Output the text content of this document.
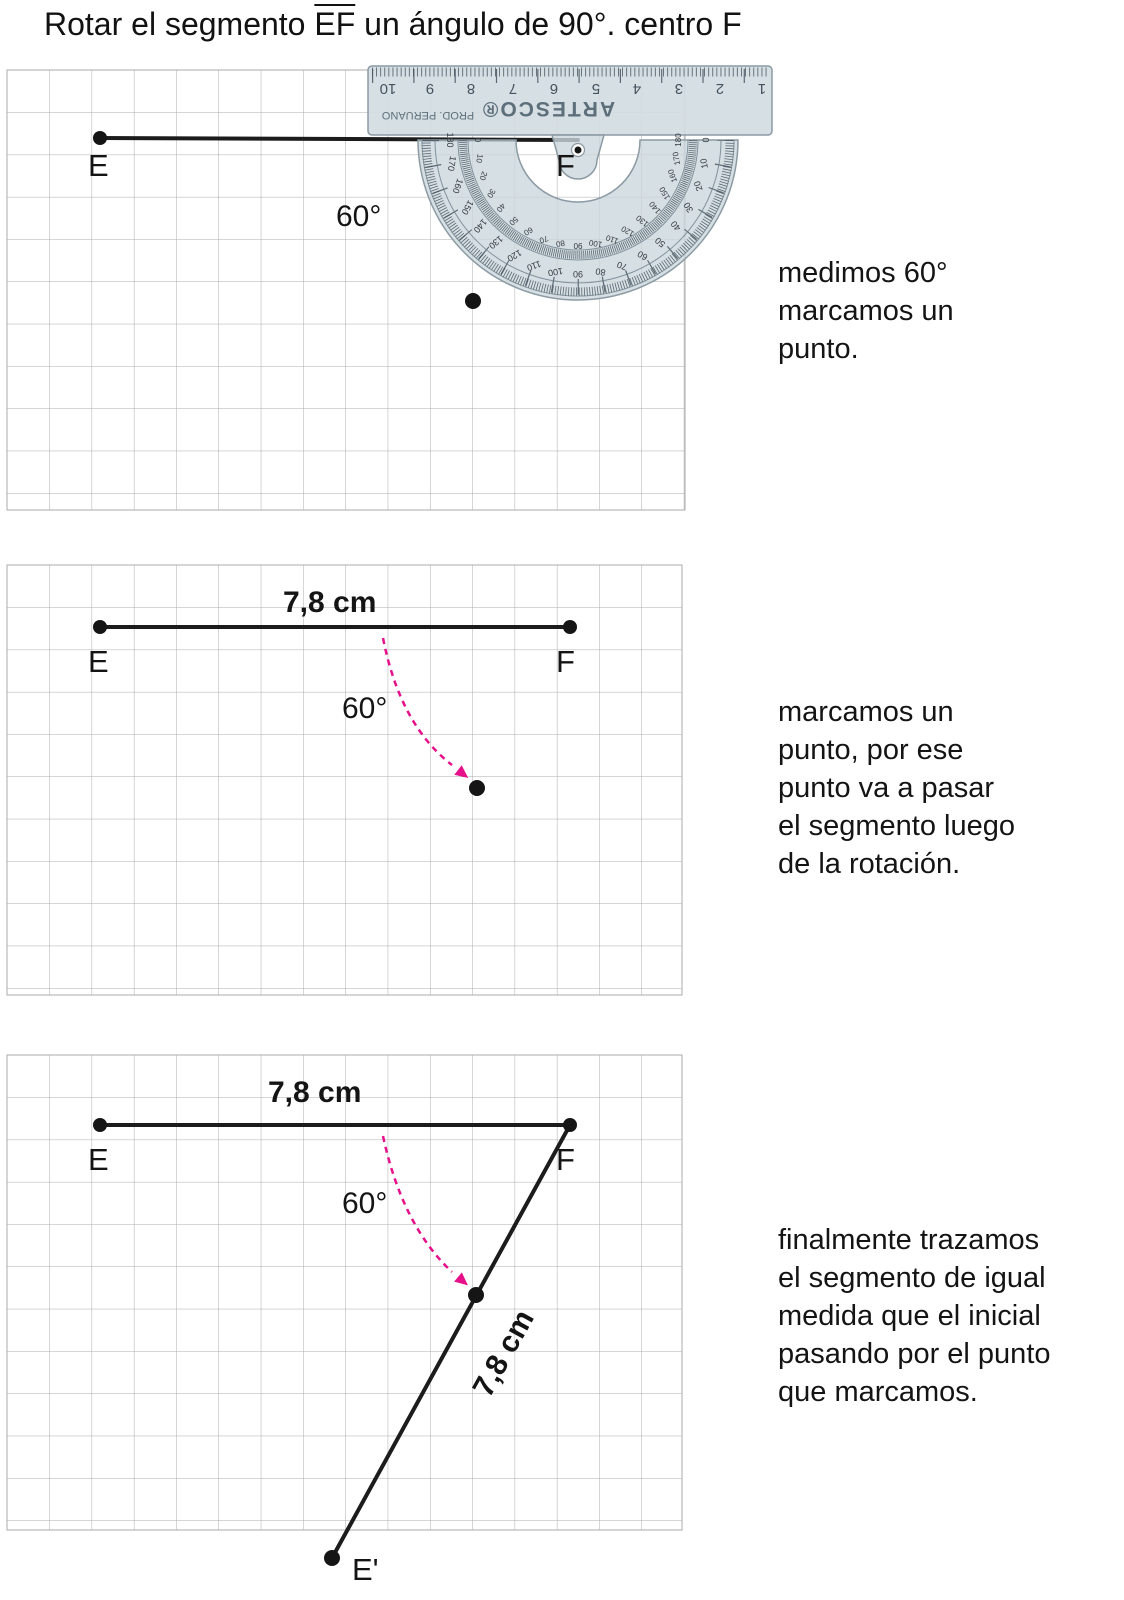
Rotar el segmento $\overline{EF}$ un ángulo de 90°. centro F
10 9 8 7 6 5 4 3 2 1
ARTESCO®
PROD. PERUANO
180
170
160
150
140
130
120
110 100 90 80 70
60
50
40
30
20
10
0
0
10
20
30
40
50
60
70 80 90 100 110
120
130
140
150
160
170
180
E	F
60°
medimos 60°
marcamos un
punto.
7,8 cm
E	F
60°	marcamos un
punto, por ese
punto va a pasar
el segmento luego
de la rotación.
7,8 cm
E	F
60°
7,8 cm
E'
finalmente trazamos
el segmento de igual
medida que el inicial
pasando por el punto
que marcamos.
